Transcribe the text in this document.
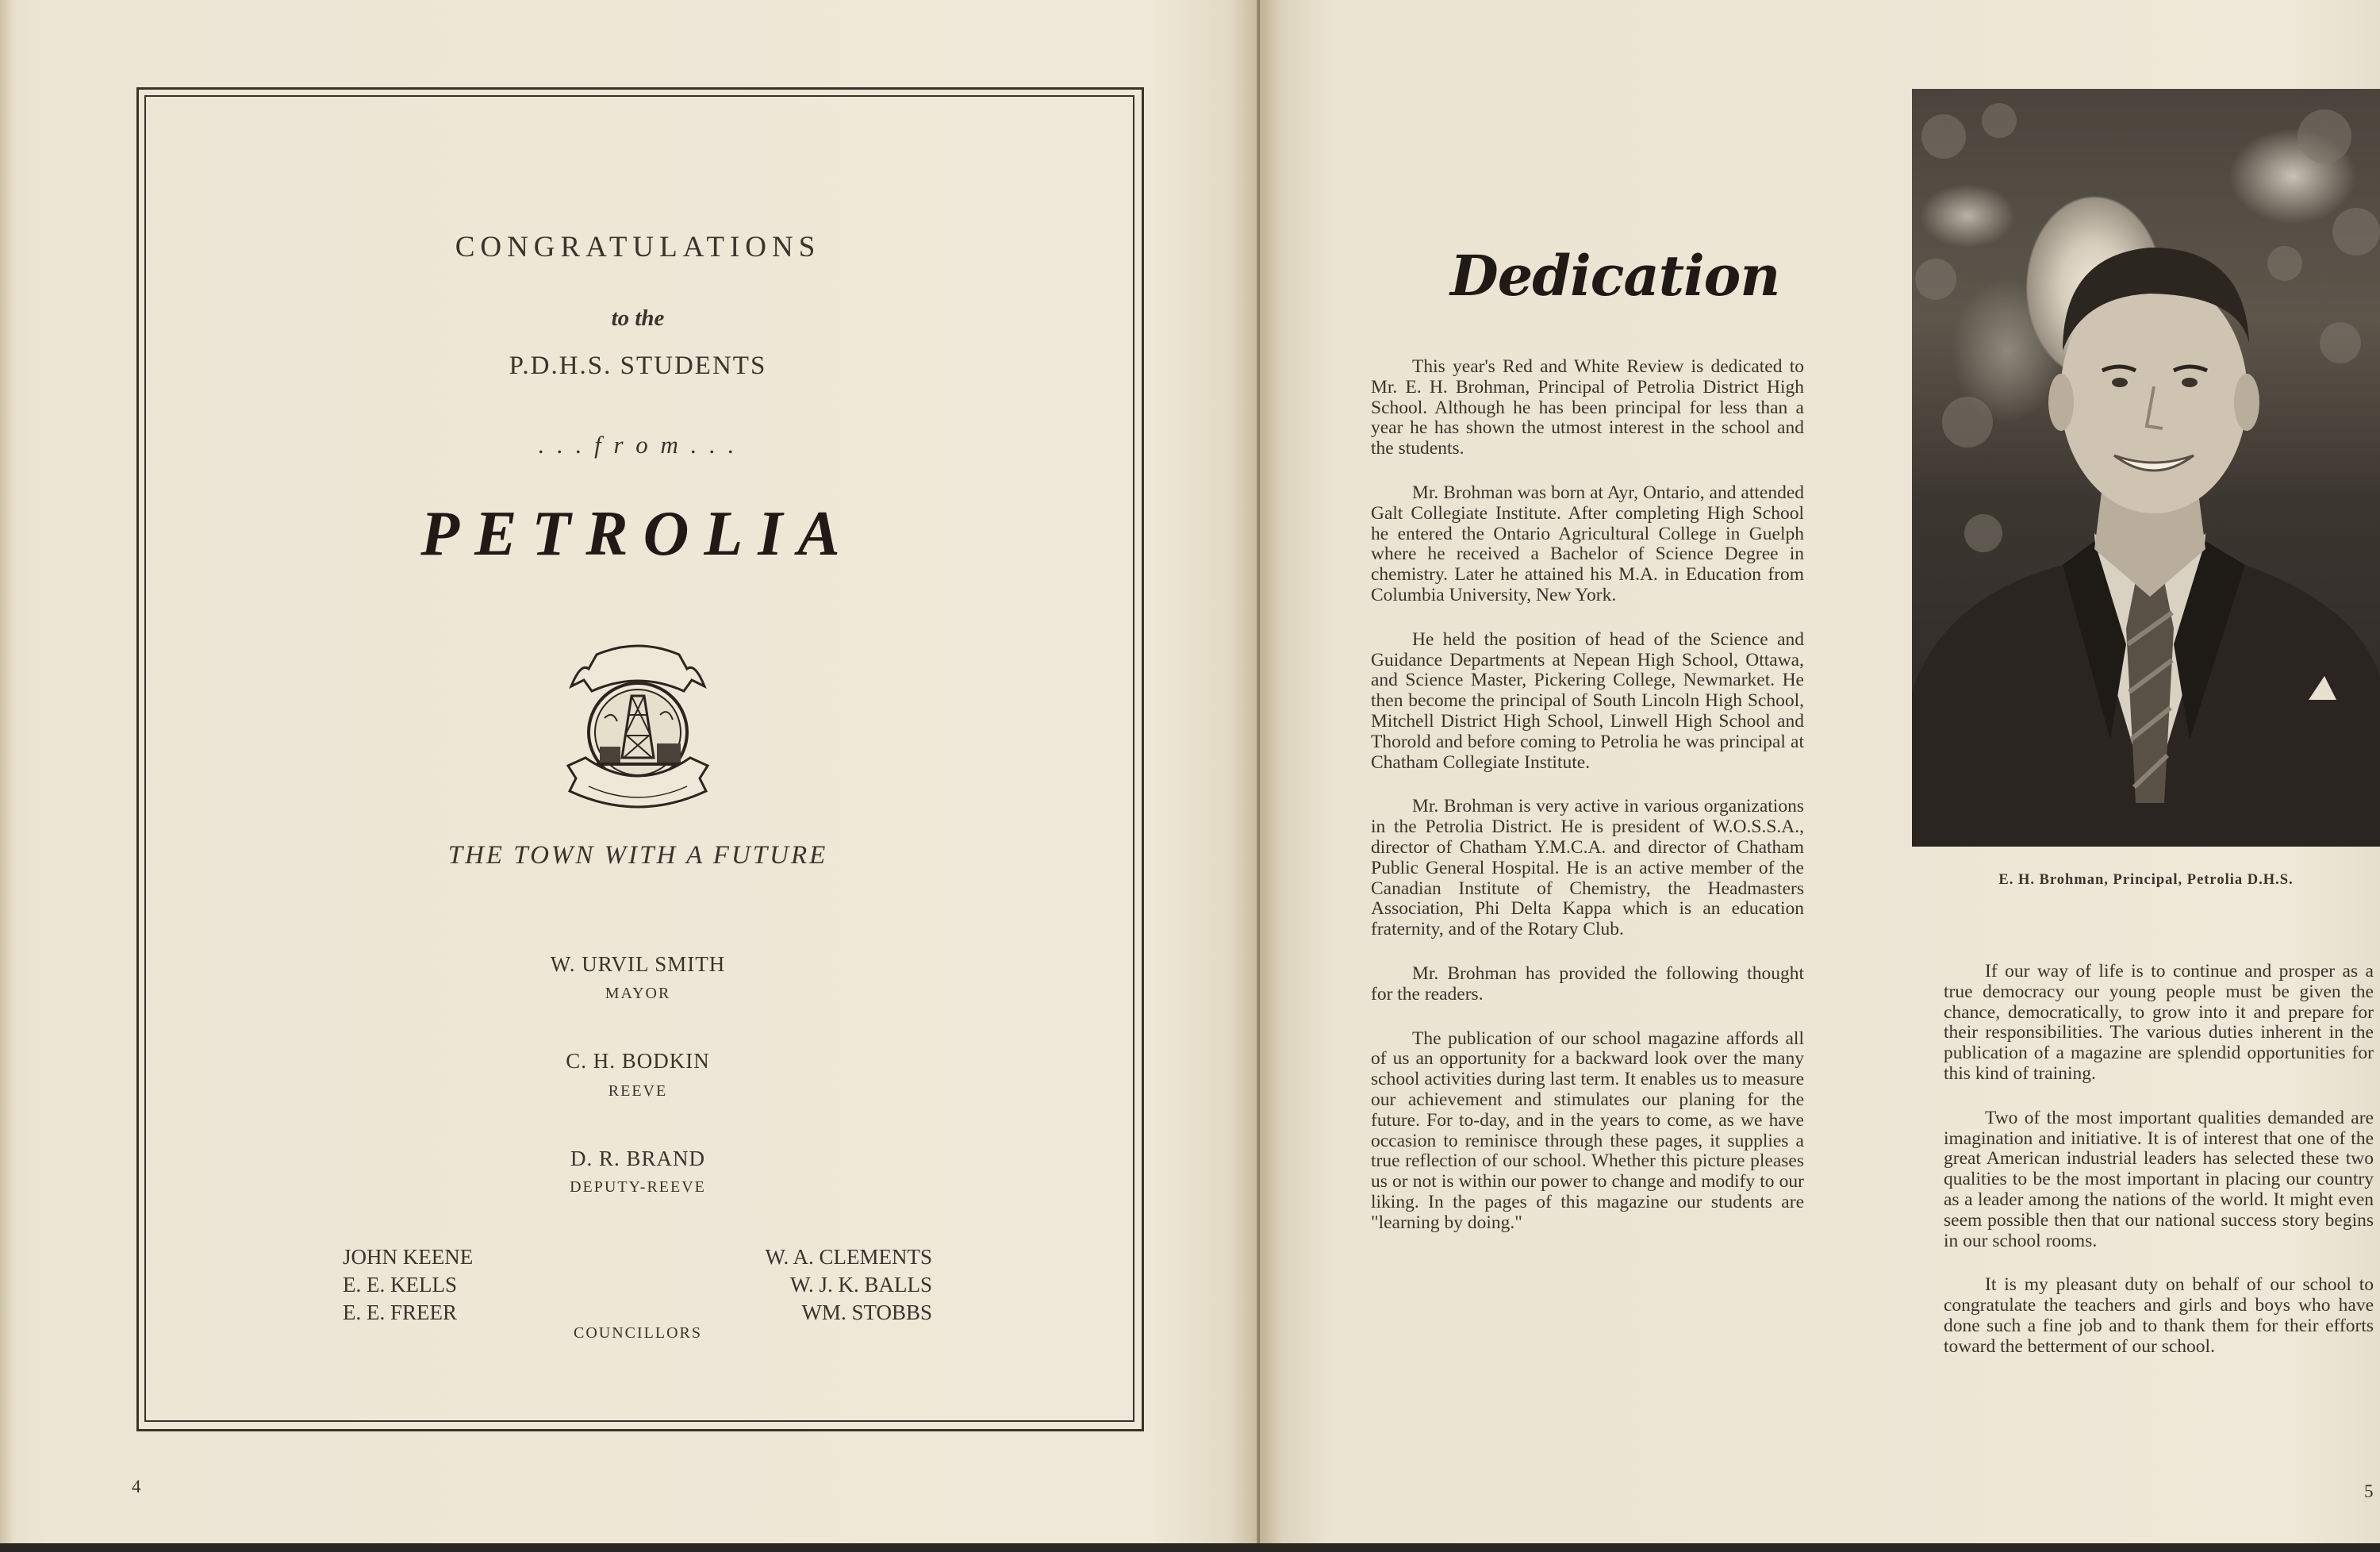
CONGRATULATIONS
to the
P.D.H.S. STUDENTS
. . . f r o m . . .
PETROLIA
THE TOWN WITH A FUTURE
W. URVIL SMITH
MAYOR
C. H. BODKIN
REEVE
D. R. BRAND
DEPUTY-REEVE
JOHN KEENE
E. E. KELLS
E. E. FREER
W. A. CLEMENTS
W. J. K. BALLS
WM. STOBBS
COUNCILLORS
4
Dedication

This year's Red and White Review is dedicated to Mr. E. H. Brohman, Principal of Petrolia District High School. Although he has been principal for less than a year he has shown the utmost interest in the school and the students.

Mr. Brohman was born at Ayr, Ontario, and attended Galt Collegiate Institute. After completing High School he entered the Ontario Agricultural College in Guelph where he received a Bachelor of Science Degree in chemistry. Later he attained his M.A. in Education from Columbia University, New York.

He held the position of head of the Science and Guidance Departments at Nepean High School, Ottawa, and Science Master, Pickering College, Newmarket. He then become the principal of South Lincoln High School, Mitchell District High School, Linwell High School and Thorold and before coming to Petrolia he was principal at Chatham Collegiate Institute.

Mr. Brohman is very active in various organizations in the Petrolia District. He is president of W.O.S.S.A., director of Chatham Y.M.C.A. and director of Chatham Public General Hospital. He is an active member of the Canadian Institute of Chemistry, the Headmasters Association, Phi Delta Kappa which is an education fraternity, and of the Rotary Club.

Mr. Brohman has provided the following thought for the readers.

The publication of our school magazine affords all of us an opportunity for a backward look over the many school activities during last term. It enables us to measure our achievement and stimulates our planing for the future. For to-day, and in the years to come, as we have occasion to reminisce through these pages, it supplies a true reflection of our school. Whether this picture pleases us or not is within our power to change and modify to our liking. In the pages of this magazine our students are "learning by doing."

E. H. Brohman, Principal, Petrolia D.H.S.

If our way of life is to continue and prosper as a true democracy our young people must be given the chance, democratically, to grow into it and prepare for their responsibilities. The various duties inherent in the publication of a magazine are splendid opportunities for this kind of training.

Two of the most important qualities demanded are imagination and initiative. It is of interest that one of the great American industrial leaders has selected these two qualities to be the most important in placing our country as a leader among the nations of the world. It might even seem possible then that our national success story begins in our school rooms.

It is my pleasant duty on behalf of our school to congratulate the teachers and girls and boys who have done such a fine job and to thank them for their efforts toward the betterment of our school.

5
